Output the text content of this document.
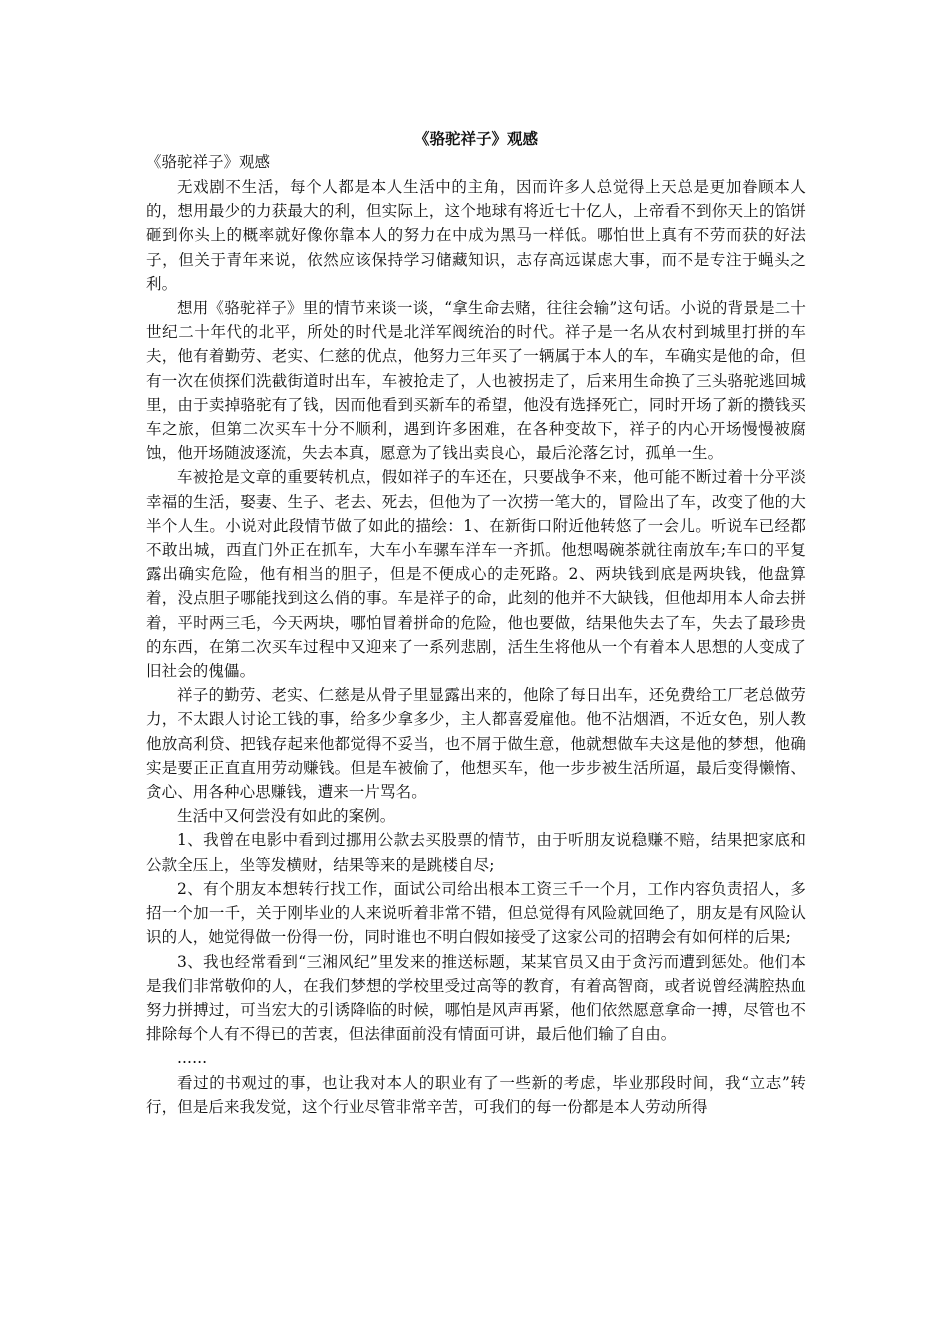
《骆驼祥子》观感

《骆驼祥子》观感

无戏剧不生活，每个人都是本人生活中的主角，因而许多人总觉得上天总是更加眷顾本人的，想用最少的力获最大的利，但实际上，这个地球有将近七十亿人，上帝看不到你天上的馅饼砸到你头上的概率就好像你靠本人的努力在中成为黑马一样低。哪怕世上真有不劳而获的好法子，但关于青年来说，依然应该保持学习储藏知识，志存高远谋虑大事，而不是专注于蝇头之利。

想用《骆驼祥子》里的情节来谈一谈，“拿生命去赌，往往会输”这句话。小说的背景是二十世纪二十年代的北平，所处的时代是北洋军阀统治的时代。祥子是一名从农村到城里打拼的车夫，他有着勤劳、老实、仁慈的优点，他努力三年买了一辆属于本人的车，车确实是他的命，但有一次在侦探们洗截街道时出车，车被抢走了，人也被拐走了，后来用生命换了三头骆驼逃回城里，由于卖掉骆驼有了钱，因而他看到买新车的希望，他没有选择死亡，同时开场了新的攒钱买车之旅，但第二次买车十分不顺利，遇到许多困难，在各种变故下，祥子的内心开场慢慢被腐蚀，他开场随波逐流，失去本真，愿意为了钱出卖良心，最后沦落乞讨，孤单一生。

车被抢是文章的重要转机点，假如祥子的车还在，只要战争不来，他可能不断过着十分平淡幸福的生活，娶妻、生子、老去、死去，但他为了一次捞一笔大的，冒险出了车，改变了他的大半个人生。小说对此段情节做了如此的描绘：1、在新街口附近他转悠了一会儿。听说车已经都不敢出城，西直门外正在抓车，大车小车骡车洋车一齐抓。他想喝碗茶就往南放车;车口的平复露出确实危险，他有相当的胆子，但是不便成心的走死路。2、两块钱到底是两块钱，他盘算着，没点胆子哪能找到这么俏的事。车是祥子的命，此刻的他并不大缺钱，但他却用本人命去拼着，平时两三毛，今天两块，哪怕冒着拼命的危险，他也要做，结果他失去了车，失去了最珍贵的东西，在第二次买车过程中又迎来了一系列悲剧，活生生将他从一个有着本人思想的人变成了旧社会的傀儡。

祥子的勤劳、老实、仁慈是从骨子里显露出来的，他除了每日出车，还免费给工厂老总做劳力，不太跟人讨论工钱的事，给多少拿多少，主人都喜爱雇他。他不沾烟酒，不近女色，别人教他放高利贷、把钱存起来他都觉得不妥当，也不屑于做生意，他就想做车夫这是他的梦想，他确实是要正正直直用劳动赚钱。但是车被偷了，他想买车，他一步步被生活所逼，最后变得懒惰、贪心、用各种心思赚钱，遭来一片骂名。

生活中又何尝没有如此的案例。

1、我曾在电影中看到过挪用公款去买股票的情节，由于听朋友说稳赚不赔，结果把家底和公款全压上，坐等发横财，结果等来的是跳楼自尽;

2、有个朋友本想转行找工作，面试公司给出根本工资三千一个月，工作内容负责招人，多招一个加一千，关于刚毕业的人来说听着非常不错，但总觉得有风险就回绝了，朋友是有风险认识的人，她觉得做一份得一份，同时谁也不明白假如接受了这家公司的招聘会有如何样的后果;

3、我也经常看到“三湘风纪”里发来的推送标题，某某官员又由于贪污而遭到惩处。他们本是我们非常敬仰的人，在我们梦想的学校里受过高等的教育，有着高智商，或者说曾经满腔热血努力拼搏过，可当宏大的引诱降临的时候，哪怕是风声再紧，他们依然愿意拿命一搏，尽管也不排除每个人有不得已的苦衷，但法律面前没有情面可讲，最后他们输了自由。

......

看过的书观过的事，也让我对本人的职业有了一些新的考虑，毕业那段时间，我“立志”转行，但是后来我发觉，这个行业尽管非常辛苦，可我们的每一份都是本人劳动所得
